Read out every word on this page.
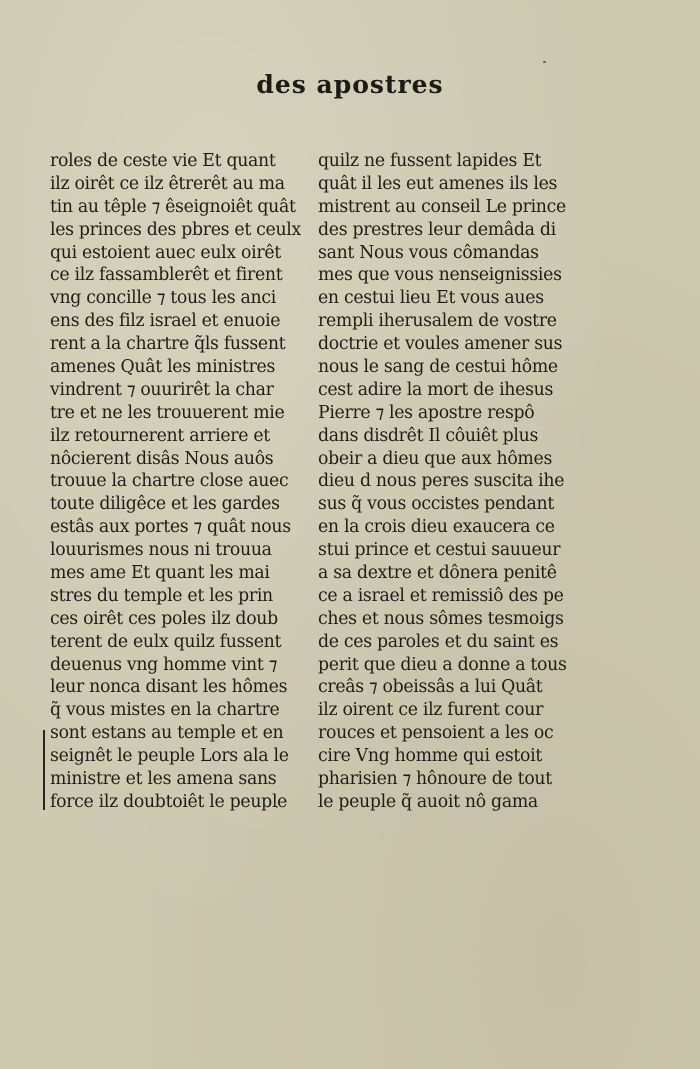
des apostres
roles de ceste vie Et quant
ilz oirêt ce ilz êtrerêt au ma
tin au têple ⁊ êseignoiêt quât
les princes des pbres et ceulx
qui estoient auec eulx oirêt
ce ilz fassamblerêt et firent
vng concille ⁊ tous les anci
ens des filz israel et enuoie
rent a la chartre q̃ls fussent
amenes Quât les ministres
vindrent ⁊ ouurirêt la char
tre et ne les trouuerent mie
ilz retournerent arriere et
nôcierent disâs Nous auôs
trouue la chartre close auec
toute diligêce et les gardes
estâs aux portes ⁊ quât nous
louurismes nous ni trouua
mes ame Et quant les mai
stres du temple et les prin
ces oirêt ces poles ilz doub
terent de eulx quilz fussent
deuenus vng homme vint ⁊
leur nonca disant les hômes
q̃ vous mistes en la chartre
sont estans au temple et en
seignêt le peuple Lors ala le
ministre et les amena sans
force ilz doubtoiêt le peuple
quilz ne fussent lapides Et
quât il les eut amenes ils les
mistrent au conseil Le prince
des prestres leur demâda di
sant Nous vous cômandas
mes que vous nenseignissies
en cestui lieu Et vous aues
rempli iherusalem de vostre
doctrie et voules amener sus
nous le sang de cestui hôme
cest adire la mort de ihesus
Pierre ⁊ les apostre respô
dans disdrêt Il côuiêt plus
obeir a dieu que aux hômes
dieu d nous peres suscita ihe
sus q̃ vous occistes pendant
en la crois dieu exaucera ce
stui prince et cestui sauueur
a sa dextre et dônera penitê
ce a israel et remissiô des pe
ches et nous sômes tesmoigs
de ces paroles et du saint es
perit que dieu a donne a tous
creâs ⁊ obeissâs a lui Quât
ilz oirent ce ilz furent cour
rouces et pensoient a les oc
cire Vng homme qui estoit
pharisien ⁊ hônoure de tout
le peuple q̃ auoit nô gama
